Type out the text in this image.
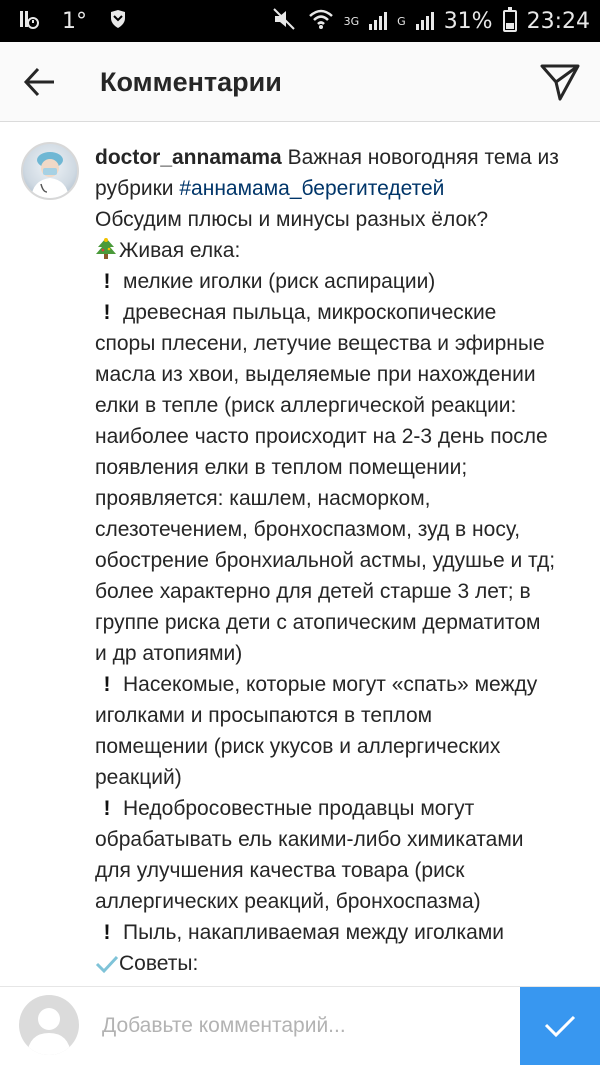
1°	3G	G 31% 23:24
Комментарии
doctor_annamama Важная новогодняя тема из
рубрики #аннамама_берегитедетей
Обсудим плюсы и минусы разных ёлок?
Живая елка:
! мелкие иголки (риск аспирации)
! древесная пыльца, микроскопические
споры плесени, летучие вещества и эфирные
масла из хвои, выделяемые при нахождении
елки в тепле (риск аллергической реакции:
наиболее часто происходит на 2-3 день после
появления елки в теплом помещении;
проявляется: кашлем, насморком,
слезотечением, бронхоспазмом, зуд в носу,
обострение бронхиальной астмы, удушье и тд;
более характерно для детей старше 3 лет; в
группе риска дети с атопическим дерматитом
и др атопиями)
! Насекомые, которые могут «спать» между
иголками и просыпаются в теплом
помещении (риск укусов и аллергических
реакций)
! Недобросовестные продавцы могут
обрабатывать ель какими-либо химикатами
для улучшения качества товара (риск
аллергических реакций, бронхоспазма)
! Пыль, накапливаемая между иголками
Советы:
Добавьте комментарий...
